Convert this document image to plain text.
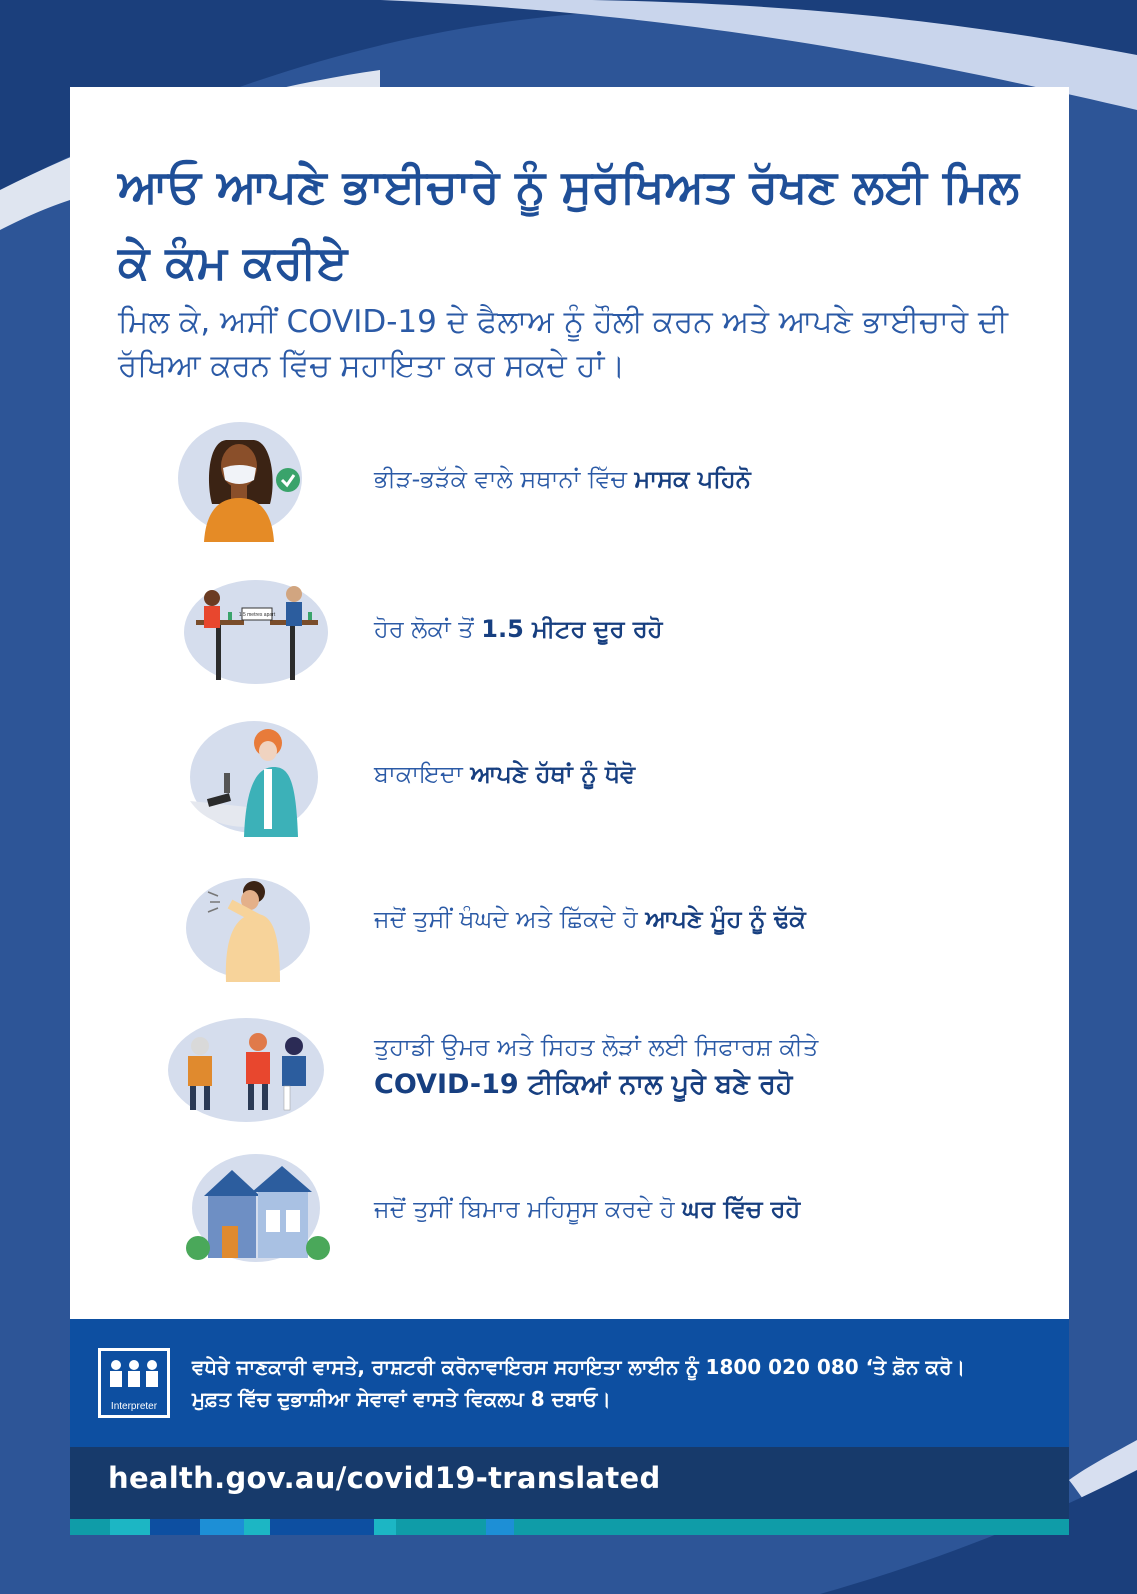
ਆਓ ਆਪਣੇ ਭਾਈਚਾਰੇ ਨੂੰ ਸੁਰੱਖਿਅਤ ਰੱਖਣ ਲਈ ਮਿਲ ਕੇ ਕੰਮ ਕਰੀਏ

ਮਿਲ ਕੇ, ਅਸੀਂ COVID-19 ਦੇ ਫੈਲਾਅ ਨੂੰ ਹੌਲੀ ਕਰਨ ਅਤੇ ਆਪਣੇ ਭਾਈਚਾਰੇ ਦੀ ਰੱਖਿਆ ਕਰਨ ਵਿੱਚ ਸਹਾਇਤਾ ਕਰ ਸਕਦੇ ਹਾਂ।

ਭੀੜ-ਭੜੱਕੇ ਵਾਲੇ ਸਥਾਨਾਂ ਵਿੱਚ ਮਾਸਕ ਪਹਿਨੋ
1.5 metres apart	ਹੋਰ ਲੋਕਾਂ ਤੋਂ 1.5 ਮੀਟਰ ਦੂਰ ਰਹੋ
ਬਾਕਾਇਦਾ ਆਪਣੇ ਹੱਥਾਂ ਨੂੰ ਧੋਵੋ
ਜਦੋਂ ਤੁਸੀਂ ਖੰਘਦੇ ਅਤੇ ਛਿੱਕਦੇ ਹੋ ਆਪਣੇ ਮੂੰਹ ਨੂੰ ਢੱਕੋ
ਤੁਹਾਡੀ ਉਮਰ ਅਤੇ ਸਿਹਤ ਲੋੜਾਂ ਲਈ ਸਿਫਾਰਸ਼ ਕੀਤੇ
COVID-19 ਟੀਕਿਆਂ ਨਾਲ ਪੂਰੇ ਬਣੇ ਰਹੋ
ਜਦੋਂ ਤੁਸੀਂ ਬਿਮਾਰ ਮਹਿਸੂਸ ਕਰਦੇ ਹੋ ਘਰ ਵਿੱਚ ਰਹੋ
Interpreter
ਵਧੇਰੇ ਜਾਣਕਾਰੀ ਵਾਸਤੇ, ਰਾਸ਼ਟਰੀ ਕਰੋਨਾਵਾਇਰਸ ਸਹਾਇਤਾ ਲਾਈਨ ਨੂੰ 1800 020 080 ‘ਤੇ ਫ਼ੋਨ ਕਰੋ।
ਮੁਫ਼ਤ ਵਿੱਚ ਦੁਭਾਸ਼ੀਆ ਸੇਵਾਵਾਂ ਵਾਸਤੇ ਵਿਕਲਪ 8 ਦਬਾਓ।
health.gov.au/covid19-translated
